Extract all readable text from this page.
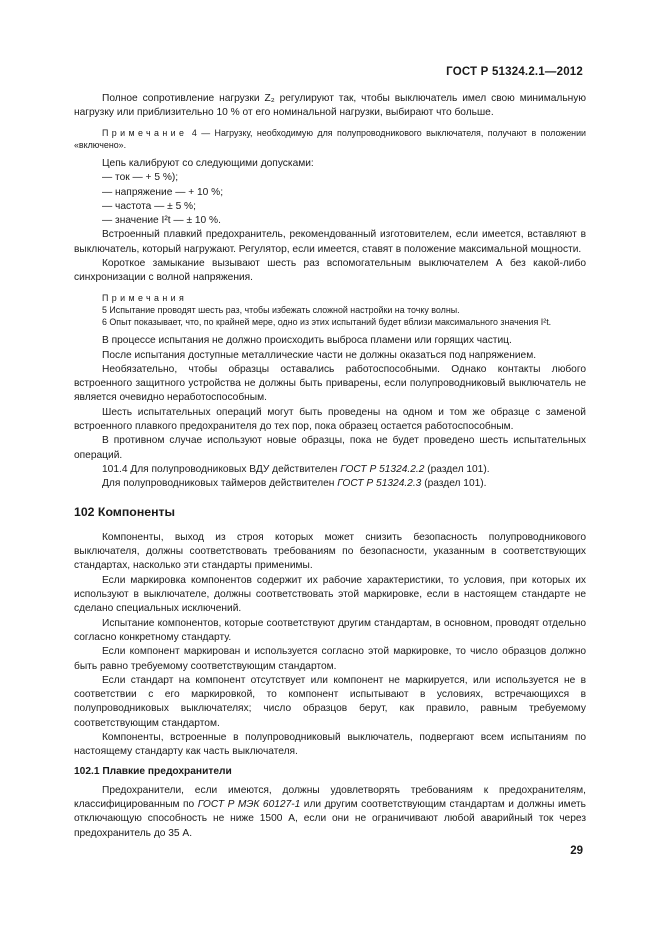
ГОСТ Р 51324.2.1—2012

Полное сопротивление нагрузки Z₂ регулируют так, чтобы выключатель имел свою минимальную нагрузку или приблизительно 10 % от его номинальной нагрузки, выбирают что больше.

Примечание 4 — Нагрузку, необходимую для полупроводникового выключателя, получают в положении «включено».

Цепь калибруют со следующими допусками:

— ток — + 5 %);

— напряжение — + 10 %;

— частота — ± 5 %;

— значение I²t — ± 10 %.

Встроенный плавкий предохранитель, рекомендованный изготовителем, если имеется, вставляют в выключатель, который нагружают. Регулятор, если имеется, ставят в положение максимальной мощности.

Короткое замыкание вызывают шесть раз вспомогательным выключателем А без какой-либо синхронизации с волной напряжения.

Примечания

5 Испытание проводят шесть раз, чтобы избежать сложной настройки на точку волны.

6 Опыт показывает, что, по крайней мере, одно из этих испытаний будет вблизи максимального значения I²t.

В процессе испытания не должно происходить выброса пламени или горящих частиц.

После испытания доступные металлические части не должны оказаться под напряжением.

Необязательно, чтобы образцы оставались работоспособными. Однако контакты любого встроенного защитного устройства не должны быть приварены, если полупроводниковый выключатель не является очевидно неработоспособным.

Шесть испытательных операций могут быть проведены на одном и том же образце с заменой встроенного плавкого предохранителя до тех пор, пока образец остается работоспособным.

В противном случае используют новые образцы, пока не будет проведено шесть испытательных операций.

101.4 Для полупроводниковых ВДУ действителен ГОСТ Р 51324.2.2 (раздел 101).

Для полупроводниковых таймеров действителен ГОСТ Р 51324.2.3 (раздел 101).

102 Компоненты

Компоненты, выход из строя которых может снизить безопасность полупроводникового выключателя, должны соответствовать требованиям по безопасности, указанным в соответствующих стандартах, насколько эти стандарты применимы.

Если маркировка компонентов содержит их рабочие характеристики, то условия, при которых их используют в выключателе, должны соответствовать этой маркировке, если в настоящем стандарте не сделано специальных исключений.

Испытание компонентов, которые соответствуют другим стандартам, в основном, проводят отдельно согласно конкретному стандарту.

Если компонент маркирован и используется согласно этой маркировке, то число образцов должно быть равно требуемому соответствующим стандартом.

Если стандарт на компонент отсутствует или компонент не маркируется, или используется не в соответствии с его маркировкой, то компонент испытывают в условиях, встречающихся в полупроводниковых выключателях; число образцов берут, как правило, равным требуемому соответствующим стандартом.

Компоненты, встроенные в полупроводниковый выключатель, подвергают всем испытаниям по настоящему стандарту как часть выключателя.

102.1 Плавкие предохранители

Предохранители, если имеются, должны удовлетворять требованиям к предохранителям, классифицированным по ГОСТ Р МЭК 60127-1 или другим соответствующим стандартам и должны иметь отключающую способность не ниже 1500 А, если они не ограничивают любой аварийный ток через предохранитель до 35 А.

29
